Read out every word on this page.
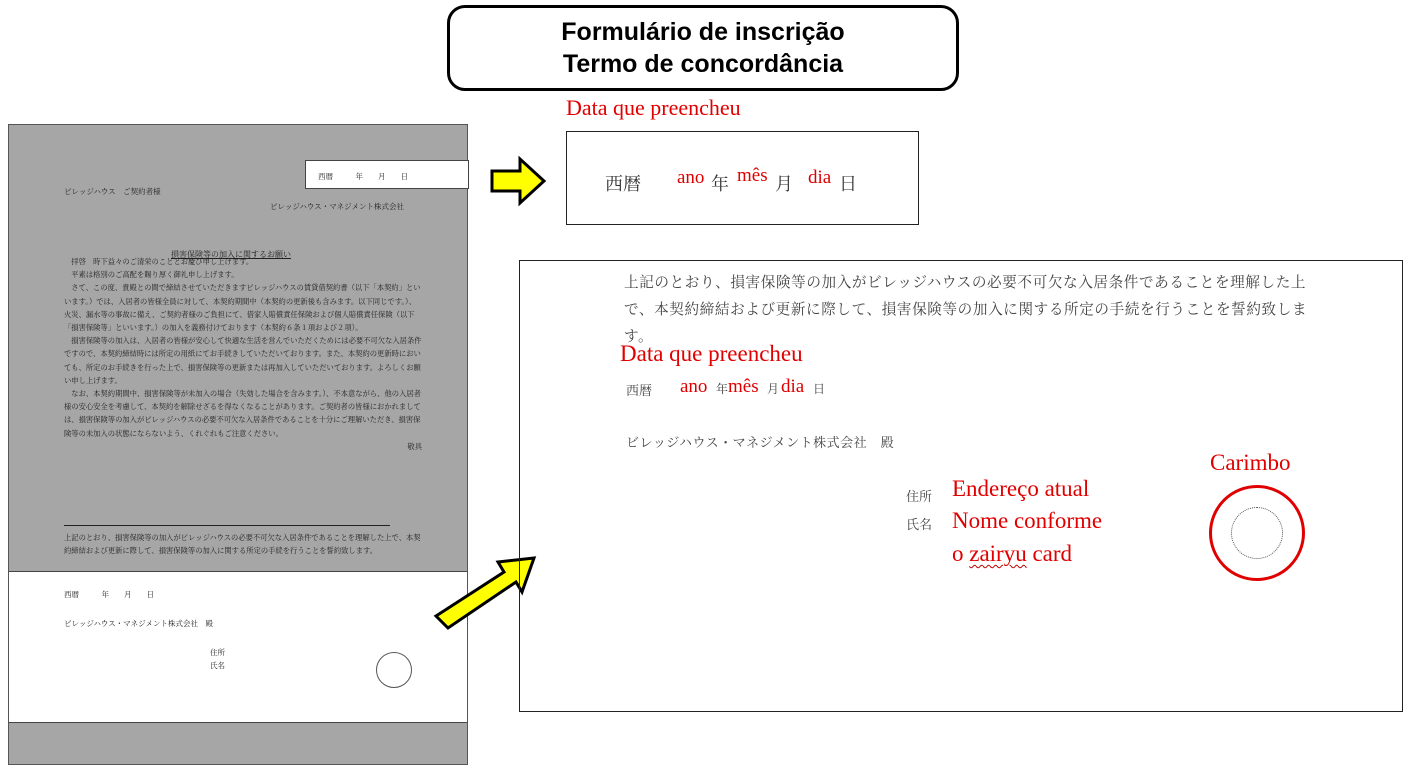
Formulário de inscrição
Termo de concordância
西暦　　　年　　月　　日
ビレッジハウス　ご契約者様
ビレッジハウス・マネジメント株式会社
損害保険等の加入に関するお願い

拝啓　時下益々のご清栄のこととお慶び申し上げます。

平素は格別のご高配を賜り厚く御礼申し上げます。

さて、この度、貴殿との間で締結させていただきますビレッジハウスの賃貸借契約書（以下「本契約」といいます。）では、入居者の皆様全員に対して、本契約期間中（本契約の更新後も含みます。以下同じです。）、火災、漏水等の事故に備え、ご契約者様のご負担にて、借家人賠償責任保険および個人賠償責任保険（以下「損害保険等」といいます。）の加入を義務付けております（本契約６条１項および２項）。

損害保険等の加入は、入居者の皆様が安心して快適な生活を営んでいただくためには必要不可欠な入居条件ですので、本契約締結時には所定の用紙にてお手続きしていただいております。また、本契約の更新時においても、所定のお手続きを行った上で、損害保険等の更新または再加入していただいております。よろしくお願い申し上げます。

なお、本契約期間中、損害保険等が未加入の場合（失効した場合を含みます。）、不本意ながら、他の入居者様の安心安全を考慮して、本契約を解除せざるを得なくなることがあります。ご契約者の皆様におかれましては、損害保険等の加入がビレッジハウスの必要不可欠な入居条件であることを十分にご理解いただき、損害保険等の未加入の状態にならないよう、くれぐれもご注意ください。

敬具

上記のとおり、損害保険等の加入がビレッジハウスの必要不可欠な入居条件であることを理解した上で、本契約締結および更新に際して、損害保険等の加入に関する所定の手続を行うことを誓約致します。
西暦　　　年　　月　　日
ビレッジハウス・マネジメント株式会社　殿
住所
氏名
Data que preencheu
西暦 ano 年 mês 月 dia 日
上記のとおり、損害保険等の加入がビレッジハウスの必要不可欠な入居条件であることを理解した上で、本契約締結および更新に際して、損害保険等の加入に関する所定の手続を行うことを誓約致します。
Data que preencheu
西暦 ano 年 mês 月 dia 日
ビレッジハウス・マネジメント株式会社　殿
住所 Endereço atual
氏名 Nome conforme
o zairyu card
Carimbo
